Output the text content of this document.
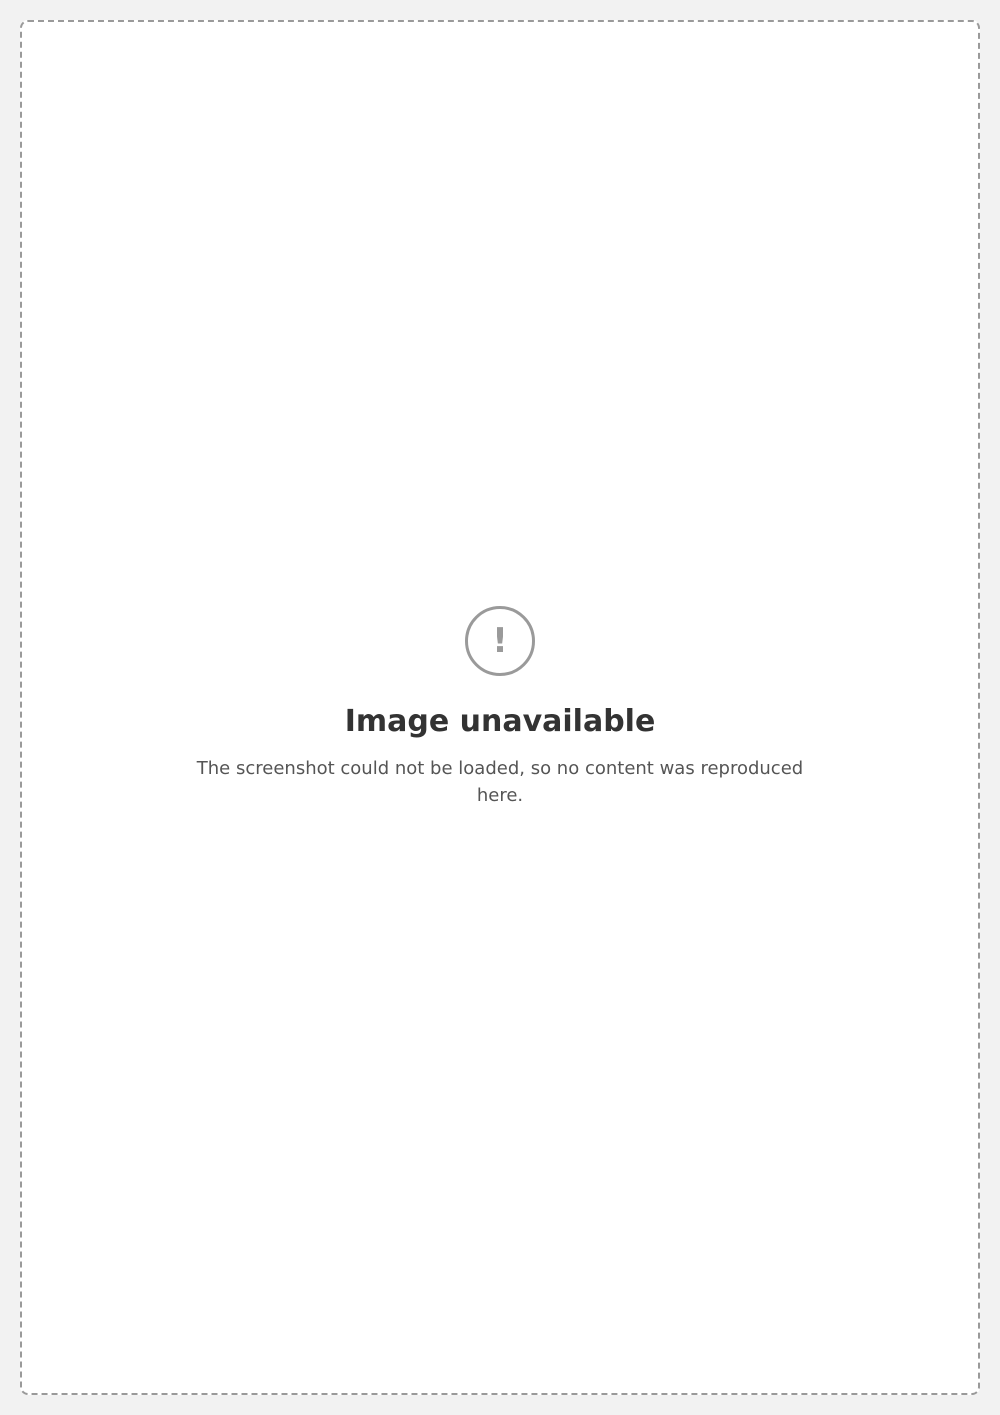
!
Image unavailable

The screenshot could not be loaded, so no content was reproduced here.
